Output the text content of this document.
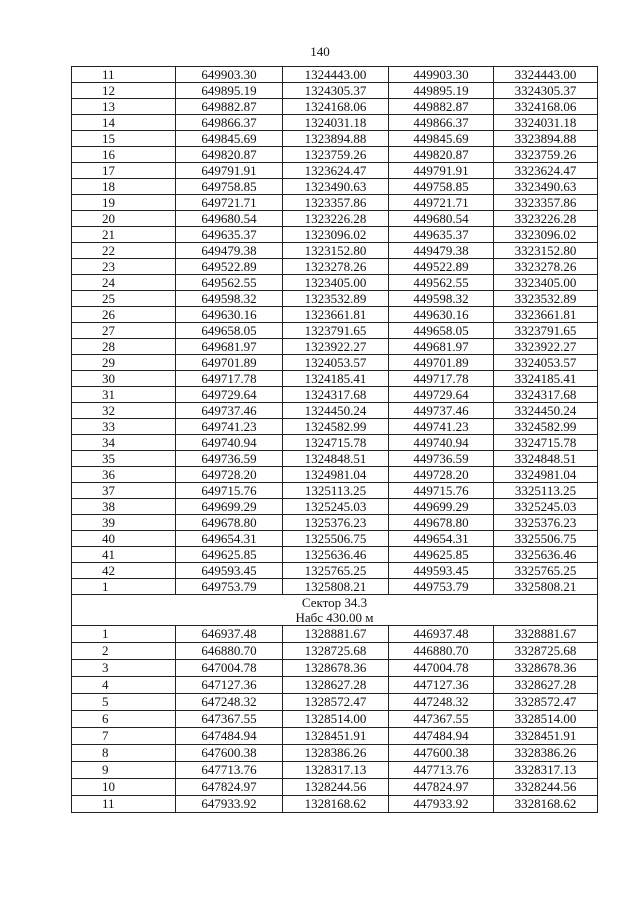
140
11	649903.30	1324443.00	449903.30	3324443.00
12	649895.19	1324305.37	449895.19	3324305.37
13	649882.87	1324168.06	449882.87	3324168.06
14	649866.37	1324031.18	449866.37	3324031.18
15	649845.69	1323894.88	449845.69	3323894.88
16	649820.87	1323759.26	449820.87	3323759.26
17	649791.91	1323624.47	449791.91	3323624.47
18	649758.85	1323490.63	449758.85	3323490.63
19	649721.71	1323357.86	449721.71	3323357.86
20	649680.54	1323226.28	449680.54	3323226.28
21	649635.37	1323096.02	449635.37	3323096.02
22	649479.38	1323152.80	449479.38	3323152.80
23	649522.89	1323278.26	449522.89	3323278.26
24	649562.55	1323405.00	449562.55	3323405.00
25	649598.32	1323532.89	449598.32	3323532.89
26	649630.16	1323661.81	449630.16	3323661.81
27	649658.05	1323791.65	449658.05	3323791.65
28	649681.97	1323922.27	449681.97	3323922.27
29	649701.89	1324053.57	449701.89	3324053.57
30	649717.78	1324185.41	449717.78	3324185.41
31	649729.64	1324317.68	449729.64	3324317.68
32	649737.46	1324450.24	449737.46	3324450.24
33	649741.23	1324582.99	449741.23	3324582.99
34	649740.94	1324715.78	449740.94	3324715.78
35	649736.59	1324848.51	449736.59	3324848.51
36	649728.20	1324981.04	449728.20	3324981.04
37	649715.76	1325113.25	449715.76	3325113.25
38	649699.29	1325245.03	449699.29	3325245.03
39	649678.80	1325376.23	449678.80	3325376.23
40	649654.31	1325506.75	449654.31	3325506.75
41	649625.85	1325636.46	449625.85	3325636.46
42	649593.45	1325765.25	449593.45	3325765.25
1	649753.79	1325808.21	449753.79	3325808.21

Сектор 34.3
Набс 430.00 м				

1	646937.48	1328881.67	446937.48	3328881.67
2	646880.70	1328725.68	446880.70	3328725.68
3	647004.78	1328678.36	447004.78	3328678.36
4	647127.36	1328627.28	447127.36	3328627.28
5	647248.32	1328572.47	447248.32	3328572.47
6	647367.55	1328514.00	447367.55	3328514.00
7	647484.94	1328451.91	447484.94	3328451.91
8	647600.38	1328386.26	447600.38	3328386.26
9	647713.76	1328317.13	447713.76	3328317.13
10	647824.97	1328244.56	447824.97	3328244.56
11	647933.92	1328168.62	447933.92	3328168.62
